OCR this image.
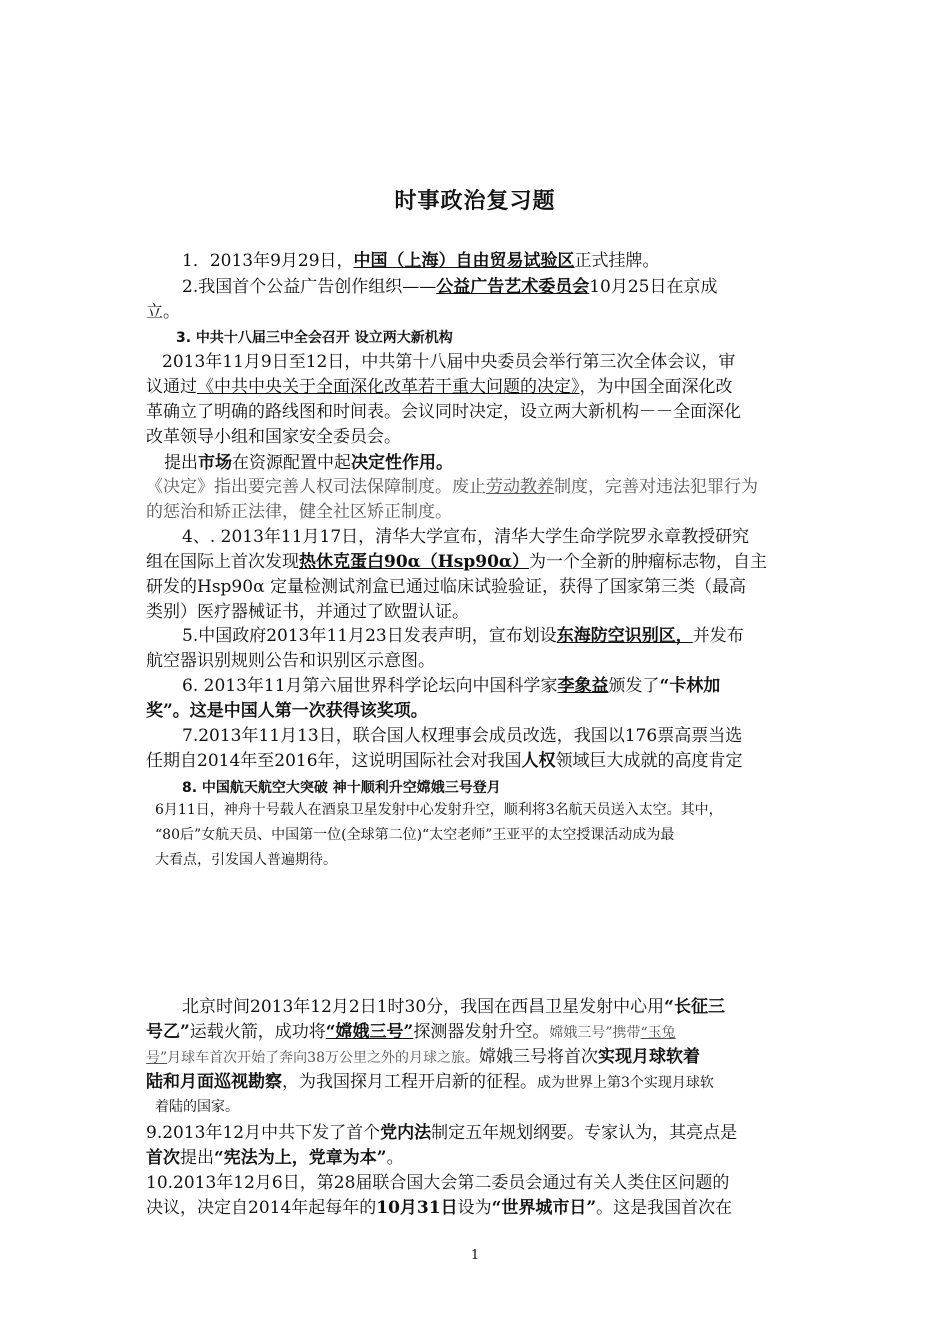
时事政治复习题
1．2013年9月29日，中国（上海）自由贸易试验区正式挂牌。
2.我国首个公益广告创作组织——公益广告艺术委员会10月25日在京成
立。
3. 中共十八届三中全会召开 设立两大新机构
2013年11月9日至12日，中共第十八届中央委员会举行第三次全体会议，审
议通过《中共中央关于全面深化改革若干重大问题的决定》，为中国全面深化改
革确立了明确的路线图和时间表。会议同时决定，设立两大新机构－－全面深化
改革领导小组和国家安全委员会。
提出市场在资源配置中起决定性作用。
《决定》指出要完善人权司法保障制度。废止劳动教养制度，完善对违法犯罪行为
的惩治和矫正法律，健全社区矫正制度。
4、. 2013年11月17日，清华大学宣布，清华大学生命学院罗永章教授研究
组在国际上首次发现热休克蛋白90α（Hsp90α）为一个全新的肿瘤标志物，自主
研发的Hsp90α 定量检测试剂盒已通过临床试验验证，获得了国家第三类（最高
类别）医疗器械证书，并通过了欧盟认证。
5.中国政府2013年11月23日发表声明，宣布划设东海防空识别区，并发布
航空器识别规则公告和识别区示意图。
6. 2013年11月第六届世界科学论坛向中国科学家李象益颁发了“卡林加
奖”。这是中国人第一次获得该奖项。
7.2013年11月13日，联合国人权理事会成员改选，我国以176票高票当选
任期自2014年至2016年，这说明国际社会对我国人权领域巨大成就的高度肯定
8. 中国航天航空大突破 神十顺利升空嫦娥三号登月
6月11日，神舟十号载人在酒泉卫星发射中心发射升空，顺利将3名航天员送入太空。其中，
“80后”女航天员、中国第一位(全球第二位)“太空老师”王亚平的太空授课活动成为最
大看点，引发国人普遍期待。
北京时间2013年12月2日1时30分，我国在西昌卫星发射中心用“长征三
号乙”运载火箭，成功将“嫦娥三号”探测器发射升空。嫦娥三号”携带“玉兔
号”月球车首次开始了奔向38万公里之外的月球之旅。嫦娥三号将首次实现月球软着
陆和月面巡视勘察，为我国探月工程开启新的征程。成为世界上第3个实现月球软
着陆的国家。
9.2013年12月中共下发了首个党内法制定五年规划纲要。专家认为，其亮点是
首次提出“宪法为上，党章为本”。
10.2013年12月6日，第28届联合国大会第二委员会通过有关人类住区问题的
决议，决定自2014年起每年的10月31日设为“世界城市日”。这是我国首次在
1
